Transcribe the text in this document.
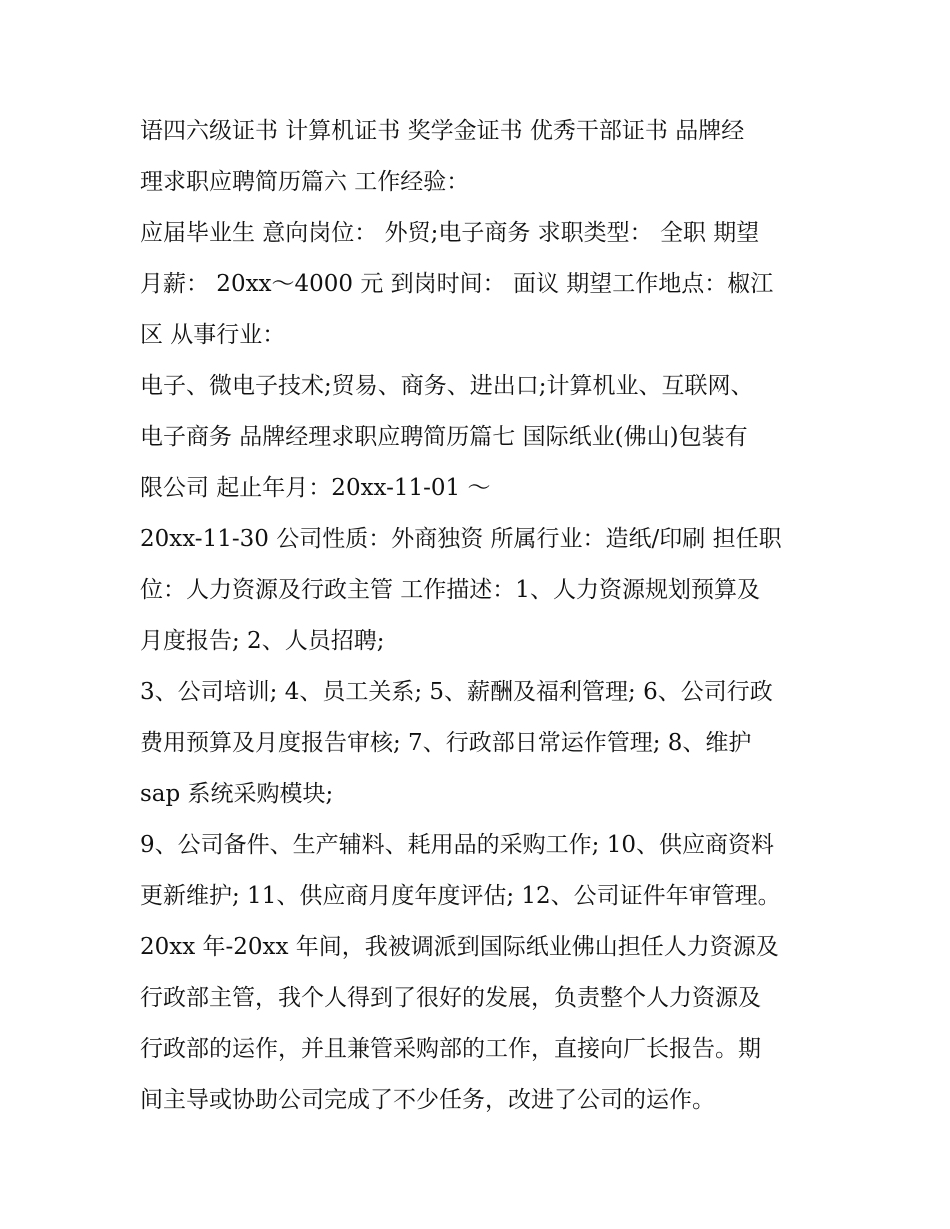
语四六级证书 计算机证书 奖学金证书 优秀干部证书 品牌经
理求职应聘简历篇六 工作经验：
应届毕业生 意向岗位： 外贸;电子商务 求职类型： 全职 期望
月薪： 20xx～4000 元 到岗时间： 面议 期望工作地点：椒江
区 从事行业：
电子、微电子技术;贸易、商务、进出口;计算机业、互联网、
电子商务 品牌经理求职应聘简历篇七 国际纸业(佛山)包装有
限公司 起止年月：20xx-11-01 ～
20xx-11-30 公司性质：外商独资 所属行业：造纸/印刷 担任职
位：人力资源及行政主管 工作描述：1、人力资源规划预算及
月度报告; 2、人员招聘;
3、公司培训; 4、员工关系; 5、薪酬及福利管理; 6、公司行政
费用预算及月度报告审核; 7、行政部日常运作管理; 8、维护
sap 系统采购模块;
9、公司备件、生产辅料、耗用品的采购工作; 10、供应商资料
更新维护; 11、供应商月度年度评估; 12、公司证件年审管理。
20xx 年-20xx 年间，我被调派到国际纸业佛山担任人力资源及
行政部主管，我个人得到了很好的发展，负责整个人力资源及
行政部的运作，并且兼管采购部的工作，直接向厂长报告。期
间主导或协助公司完成了不少任务，改进了公司的运作。
